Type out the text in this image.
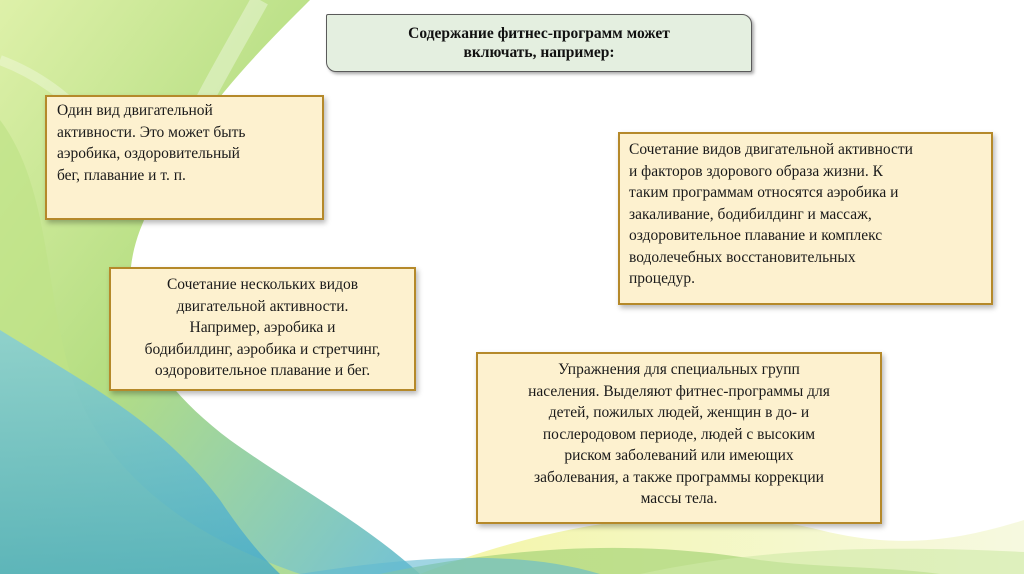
Содержание фитнес-программ может
включать, например:
Один вид двигательной
активности. Это может быть
аэробика, оздоровительный
бег, плавание и т. п.
Сочетание видов двигательной активности
и факторов здорового образа жизни. К
таким программам относятся аэробика и
закаливание, бодибилдинг и массаж,
оздоровительное плавание и комплекс
водолечебных восстановительных
процедур.
Сочетание нескольких видов
двигательной активности.
Например, аэробика и
бодибилдинг, аэробика и стретчинг,
оздоровительное плавание и бег.	Упражнения для специальных групп
населения. Выделяют фитнес-программы для
детей, пожилых людей, женщин в до- и
послеродовом периоде, людей с высоким
риском заболеваний или имеющих
заболевания, а также программы коррекции
массы тела.
